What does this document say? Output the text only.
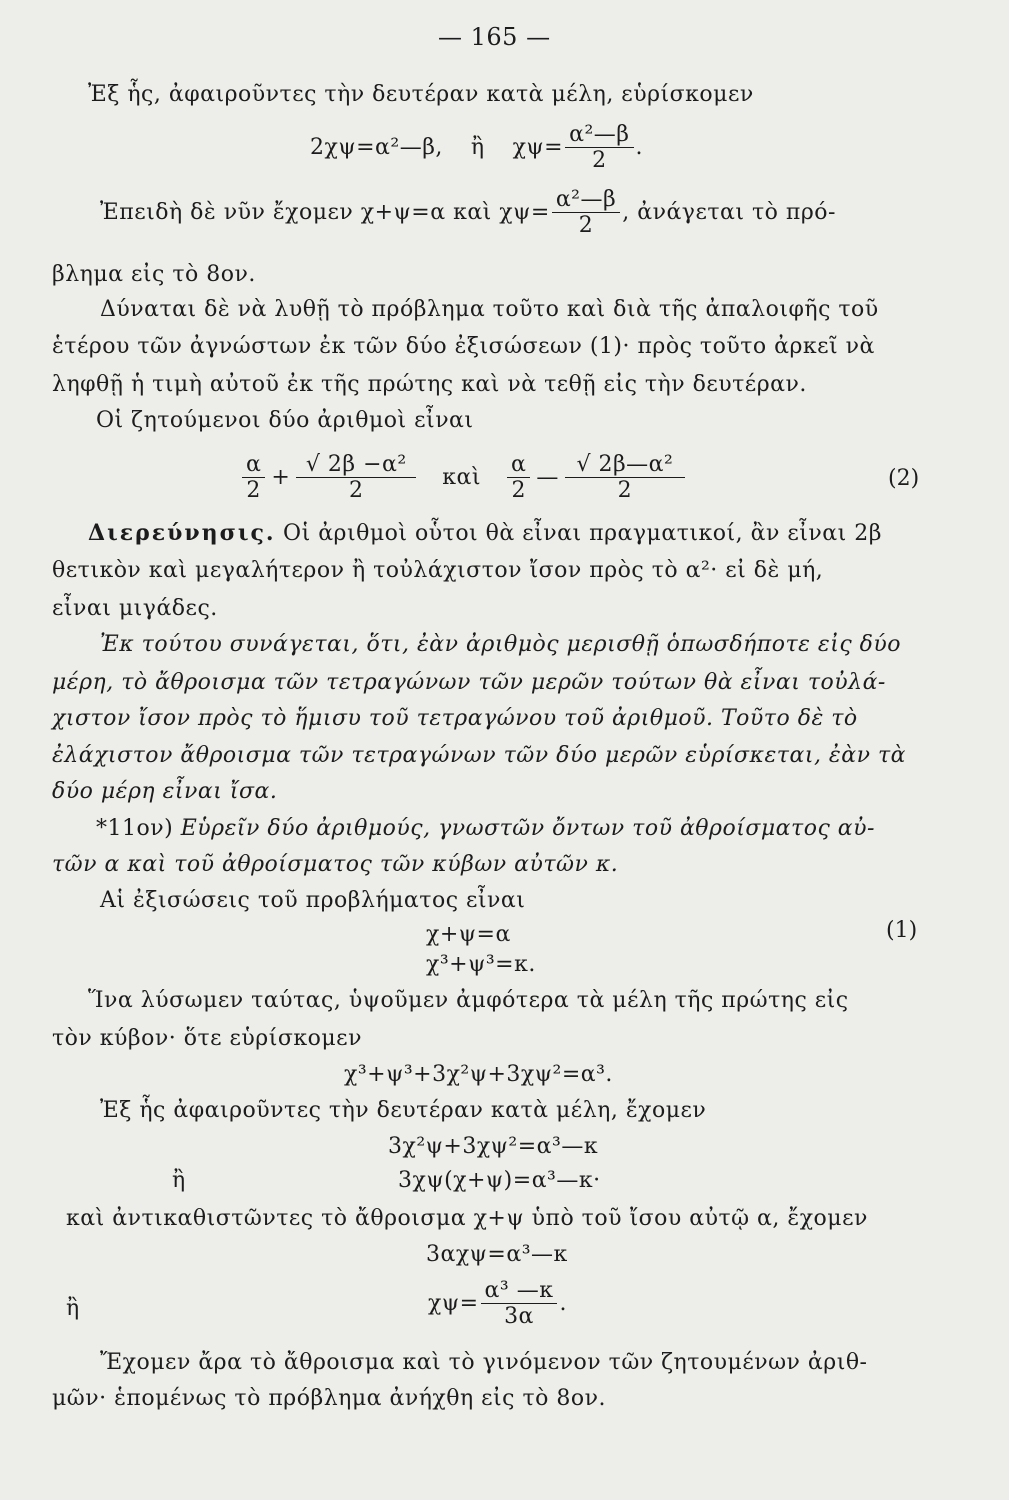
— 165 —
Ἐξ ἧς, ἀφαιροῦντες τὴν δευτέραν κατὰ μέλη, εὑρίσκομεν
2χψ=α²—β, ἢ $\chi\psi= \frac{\text{α²—β}}{2}$ .
Ἐπειδὴ δὲ νῦν ἔχομεν χ+ψ=α καὶ $\chi\psi= \frac{\text{α²—β}}{2}$ , ἀνάγεται τὸ πρό-
βλημα εἰς τὸ 8ον.
Δύναται δὲ νὰ λυθῇ τὸ πρόβλημα τοῦτο καὶ διὰ τῆς ἀπαλοιφῆς τοῦ
ἑτέρου τῶν ἀγνώστων ἐκ τῶν δύο ἐξισώσεων (1)· πρὸς τοῦτο ἀρκεῖ νὰ
ληφθῇ ἡ τιμὴ αὐτοῦ ἐκ τῆς πρώτης καὶ νὰ τεθῇ εἰς τὴν δευτέραν.
Οἱ ζητούμενοι δύο ἀριθμοὶ εἶναι
$\frac{\alpha}{2} + \frac{\text{√ 2β −α²}}{2}$ καὶ $\frac{\alpha}{2}$ — $\frac{\text{√ 2β—α²}}{2}$	(2)
Διερεύνησις. Οἱ ἀριθμοὶ οὗτοι θὰ εἶναι πραγματικοί, ἂν εἶναι 2β
θετικὸν καὶ μεγαλήτερον ἢ τοὐλάχιστον ἴσον πρὸς τὸ α²· εἰ δὲ μή,
εἶναι μιγάδες.
Ἐκ τούτου συνάγεται, ὅτι, ἐὰν ἀριθμὸς μερισθῇ ὁπωσδήποτε εἰς δύο
μέρη, τὸ ἄθροισμα τῶν τετραγώνων τῶν μερῶν τούτων θὰ εἶναι τοὐλά-
χιστον ἴσον πρὸς τὸ ἥμισυ τοῦ τετραγώνου τοῦ ἀριθμοῦ. Τοῦτο δὲ τὸ
ἐλάχιστον ἄθροισμα τῶν τετραγώνων τῶν δύο μερῶν εὑρίσκεται, ἐὰν τὰ
δύο μέρη εἶναι ἴσα.
*11ον) Εὑρεῖν δύο ἀριθμούς, γνωστῶν ὄντων τοῦ ἀθροίσματος αὐ-
τῶν α καὶ τοῦ ἀθροίσματος τῶν κύβων αὐτῶν κ.
Αἱ ἐξισώσεις τοῦ προβλήματος εἶναι
χ+ψ=α	(1)
χ³+ψ³=κ.
Ἵνα λύσωμεν ταύτας, ὑψοῦμεν ἀμφότερα τὰ μέλη τῆς πρώτης εἰς
τὸν κύβον· ὅτε εὑρίσκομεν
χ³+ψ³+3χ²ψ+3χψ²=α³.
Ἐξ ἧς ἀφαιροῦντες τὴν δευτέραν κατὰ μέλη, ἔχομεν
3χ²ψ+3χψ²=α³—κ
ἢ	3χψ(χ+ψ)=α³—κ·
καὶ ἀντικαθιστῶντες τὸ ἄθροισμα χ+ψ ὑπὸ τοῦ ἴσου αὐτῷ α, ἔχομεν
3αχψ=α³—κ
ἢ	$\chi\psi= \frac{\text{α³ —κ}}{3\alpha}$ .
Ἔχομεν ἄρα τὸ ἄθροισμα καὶ τὸ γινόμενον τῶν ζητουμένων ἀριθ-
μῶν· ἑπομένως τὸ πρόβλημα ἀνήχθη εἰς τὸ 8ον.
